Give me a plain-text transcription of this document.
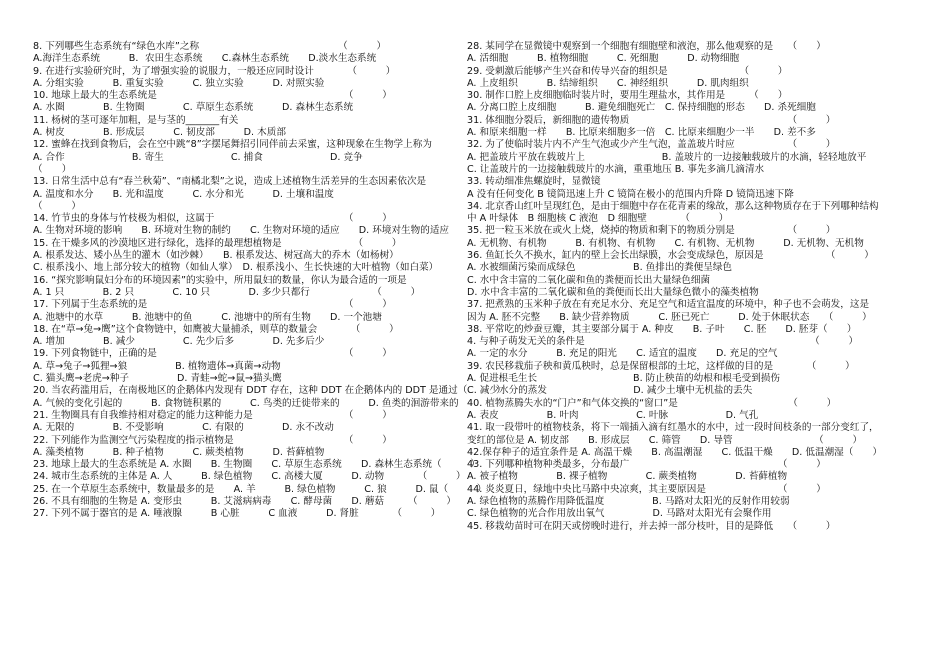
8. 下列哪些生态系统有“绿色水库”之称　　　　　　　　　　　　　　　（　　　）
A.海洋生态系统　　　B．农田生态系统　　C.森林生态系统　　D.淡水生态系统
9. 在进行实验研究时，为了增强实验的说服力，一般还应同时设计　　　　（　　　）
A. 分组实验　　　B. 重复实验　　　C. 独立实验　　　D. 对照实验
10. 地球上最大的生态系统是　　　　　　　　　　　　　　　　　　　　（　　　）
A. 水圈　　　　B. 生物圈　　　　C. 草原生态系统　　　D. 森林生态系统
11. 杨树的茎可逐年加粗，是与茎的_______有关
A. 树皮　　　　B. 形成层　　　C. 韧皮部　　　D. 木质部
12. 蜜蜂在找到食物后，会在空中跳“8”字摆尾舞招引同伴前去采蜜，这种现象在生物学上称为
A. 合作　　　　　　　B. 寄生　　　　　　　C. 捕食　　　　　　　D. 竞争
（　　）
13. 日常生活中总有“春兰秋菊”、“南橘北梨”之说，造成上述植物生活差异的生态因素依次是
A. 温度和水分　　B. 光和温度　　　C. 水分和光　　　D. 土壤和温度
（　　　）
14. 竹节虫的身体与竹枝极为相似，这属于　　　　　　　　　　　　　　（　　　）
A. 生物对环境的影响　　B. 环境对生物的制约　　C. 生物对环境的适应　　D. 环境对生物的适应
15. 在干燥多风的沙漠地区进行绿化，选择的最理想植物是　　　　　　　　（　　　）
A. 根系发达、矮小丛生的灌木（如沙棘）　　B. 根系发达、树冠高大的乔木（如杨树）
C. 根系浅小、地上部分较大的植物（如仙人掌）　D. 根系浅小、生长快速的大叶植物（如白菜）
16. “探究影响鼠妇分布的环境因素”的实验中，所用鼠妇的数量，你认为最合适的一项是
A. 1 只　　　　B. 2 只　　　　C. 10 只　　　　D. 多少只都行　　　　　　　（　　　）
17. 下列属于生态系统的是　　　　　　　　　　　　　　　　　　　　　（　　　）
A. 池塘中的水草　　　B. 池塘中的鱼　　　C. 池塘中的所有生物　　D. 一个池塘
18. 在“草→兔→鹰”这个食物链中，如鹰被大量捕杀，则草的数量会　　　　（　　　）
A. 增加　　　　B. 减少　　　　　C. 先少后多　　　　D. 先多后少
19. 下列食物链中，正确的是　　　　　　　　　　　　　　　　　　　　（　　　）
A. 草→兔子→狐狸→狼　　　　　B. 植物遗体→真菌→动物
C. 猫头鹰→老虎→种子　　　　　D. 青蛙→蛇→鼠→猫头鹰
20. 当农药滥用后，在南极地区的企鹅体内发现有 DDT 存在，这种 DDT 在企鹅体内的 DDT 是通过（　　　）
A. 气候的变化引起的　　　B. 食物链积累的　　　C. 鸟类的迁徙带来的　　　D. 鱼类的洄游带来的
21. 生物圈具有自我维持相对稳定的能力这种能力是　　　　　　　　　　（　　　）
A. 无限的　　　　B. 不受影响　　　　C. 有限的　　　　D. 永不改动
22. 下列能作为监测空气污染程度的指示植物是　　　　　　　　　　　　（　　　）
A. 藻类植物　　　B. 种子植物　　　C. 蕨类植物　　　D. 苔藓植物
23. 地球上最大的生态系统是 A. 水圈　　B. 生物圈　　C. 草原生态系统　　D. 森林生态系统（　　　）
24. 城市生态系统的主体是 A. 人　　　B. 绿色植物　　C. 高楼大厦　　　D. 动物　　　　（　　　）
25. 在一个草原生态系统中，数量最多的是　　A. 羊　　　B. 绿色植物　　　C. 狼　　　D. 鼠（　　　）
26. 不具有细胞的生物是 A. 变形虫　　　B. 艾滋病病毒　　C. 酵母菌　　D. 蘑菇　　　（　　　）
27. 下列不属于器官的是 A. 唾液腺　　　B 心脏　　　C 血液　　　D. 肾脏　　　　（　　　）
28. 某同学在显微镜中观察到一个细胞有细胞壁和液泡，那么他观察的是　　（　　）
A. 活细胞　　　B. 植物细胞　　　C. 死细胞　　　D. 动物细胞
29. 受刺激后能够产生兴奋和传导兴奋的组织是　　　　　　　　（　　　）
A. 上皮组织　　　B. 结缔组织　　C. 神经组织　　　D. 肌肉组织
30. 制作口腔上皮细胞临时装片时，要用生理盐水，其作用是　　　（　　）
A. 分离口腔上皮细胞　　　B. 避免细胞死亡　C. 保持细胞的形态　　D. 杀死细胞
31. 体细胞分裂后，新细胞的遗传物质　　　　　　　　　　　　　　　　　（　　　）
A. 和原来细胞一样　　B. 比原来细胞多一倍　C. 比原来细胞少一半　　D. 差不多
32. 为了使临时装片内不产生气泡或少产生气泡，盖盖玻片时应　　　　　　（　　　）
A. 把盖玻片平放在载玻片上　　　　　　　　B. 盖玻片的一边接触载玻片的水滴，轻轻地放平
C. 让盖玻片的一边接触载玻片的水滴，重重地压 B. 事先多滴几滴清水
33. 转动细准焦螺旋时，显微镜
A 没有任何变化 B 镜筒迅速上升 C 镜筒在极小的范围内升降 D 镜筒迅速下降
34. 北京香山红叶呈现红色，是由于细胞中存在花青素的缘故，那么这种物质存在于下列哪种结构
中 A 叶绿体　B 细胞核 C 液泡　D 细胞壁　　　　（　　　）
35. 把一粒玉米放在或火上烧，烧掉的物质和剩下的物质分别是　　　　　　（　　　）
A. 无机物、有机物　　　B. 有机物、有机物　　C. 有机物、无机物　　　D. 无机物、无机物
36. 鱼缸长久不换水，缸内的壁上会长出绿膜，水会变成绿色，原因是　　　　　　　（　　　）
A. 水被细菌污染而成绿色　　　　　　B. 鱼排出的粪便呈绿色
C. 水中含丰富的二氧化碳和鱼的粪便而长出大量绿色细菌
D. 水中含丰富的二氧化碳和鱼的粪便而长出大量绿色微小的藻类植物
37. 把煮熟的玉米种子放在有充足水分、充足空气和适宜温度的环境中，种子也不会萌发，这是
因为 A. 胚不完整　　B. 缺少营养物质　　　C. 胚已死亡　　　D. 处于休眠状态　　（　　　）
38. 平常吃的炒蚕豆瓣，其主要部分属于 A. 种皮　　B. 子叶　　C. 胚　　D. 胚芽（　　）
4. 与种子萌发无关的条件是　　　　　　　　　　　　　　　　　　　　　　　　（　　　）
A. 一定的水分　　　B. 充足的阳光　　C. 适宜的温度　　D. 充足的空气
39. 农民移栽茄子秧和黄瓜秧时，总是保留根部的土坨，这样做的目的是　　　　（　　　）
A. 促进根毛生长　　　　　　　　　　B. 防止秧苗的幼根和根毛受到损伤
C. 减少水分的蒸发　　　　　　　　　D. 减少土壤中无机盐的丢失
40. 植物蒸腾失水的“门户”和气体交换的“窗口”是　　　　　　　　　　　　（　　　）
A. 表皮　　　　　B. 叶肉　　　　　　C. 叶脉　　　　　　D. 气孔
41. 取一段带叶的植物枝条，将下一端插入滴有红墨水的水中，过一段时间枝条的一部分变红了，
变红的部位是 A. 韧皮部　　B. 形成层　　C. 筛管　　D. 导管　　　　　　　　　（　　　）
42.保存种子的适宜条件是 A. 高温干燥　　B. 高温潮湿　　C. 低温干燥　　D. 低温潮湿（　　）
43. 下列哪种植物种类最多，分布最广　　　　　　　　　　　　　　　　（　　　）
A. 被子植物　　　　B. 裸子植物　　　　C. 蕨类植物　　　　D. 苔藓植物
44. 炎炎夏日，绿地中央比马路中央凉爽，其主要原因是　　　　　　　　（　　　）
A. 绿色植物的蒸腾作用降低温度　　　　　B. 马路对太阳光的反射作用较弱
C. 绿色植物的光合作用放出氧气　　　　　D. 马路对太阳光有会聚作用
45. 移栽幼苗时可在阴天或傍晚时进行，并去掉一部分枝叶，目的是降低　　（　　　）
